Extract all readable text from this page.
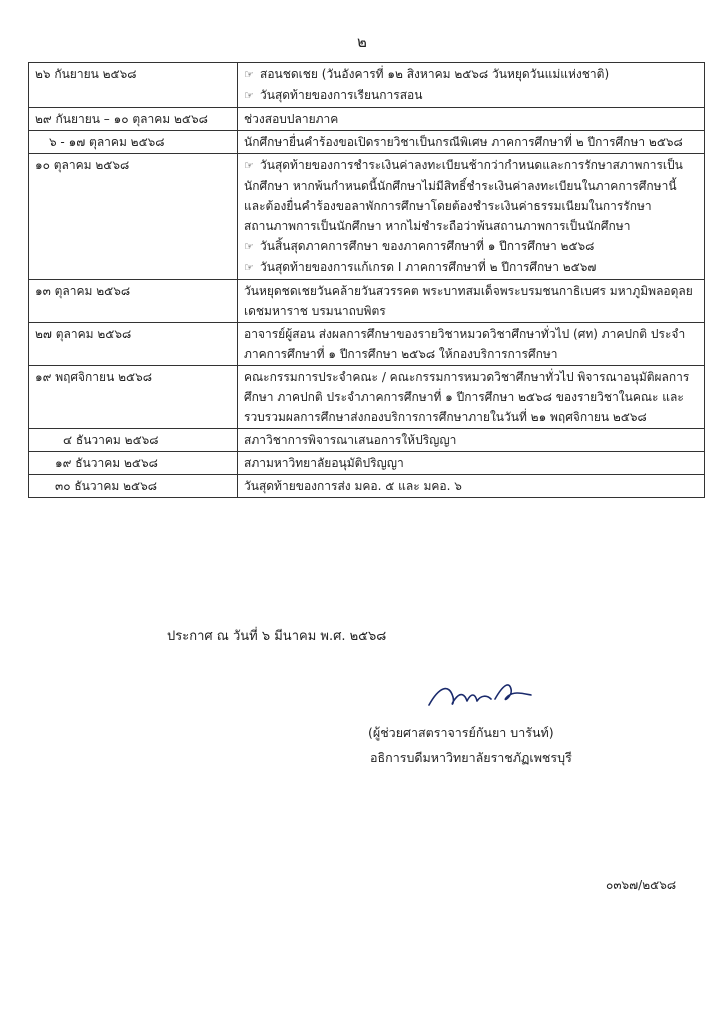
๒
๒๖ กันยายน ๒๕๖๘	☞ สอนชดเชย (วันอังคารที่ ๑๒ สิงหาคม ๒๕๖๘ วันหยุดวันแม่แห่งชาติ)
☞ วันสุดท้ายของการเรียนการสอน

๒๙ กันยายน – ๑๐ ตุลาคม ๒๕๖๘	ช่วงสอบปลายภาค

๖ - ๑๗ ตุลาคม ๒๕๖๘	นักศึกษายื่นคำร้องขอเปิดรายวิชาเป็นกรณีพิเศษ ภาคการศึกษาที่ ๒ ปีการศึกษา ๒๕๖๘

๑๐ ตุลาคม ๒๕๖๘	☞ วันสุดท้ายของการชำระเงินค่าลงทะเบียนช้ากว่ากำหนดและการรักษาสภาพการเป็นนักศึกษา หากพ้นกำหนดนี้นักศึกษาไม่มีสิทธิ์ชำระเงินค่าลงทะเบียนในภาคการศึกษานี้ และต้องยื่นคำร้องขอลาพักการศึกษาโดยต้องชำระเงินค่าธรรมเนียมในการรักษาสถานภาพการเป็นนักศึกษา หากไม่ชำระถือว่าพ้นสถานภาพการเป็นนักศึกษา
☞ วันสิ้นสุดภาคการศึกษา ของภาคการศึกษาที่ ๑ ปีการศึกษา ๒๕๖๘
☞ วันสุดท้ายของการแก้เกรด I ภาคการศึกษาที่ ๒ ปีการศึกษา ๒๕๖๗

๑๓ ตุลาคม ๒๕๖๘	วันหยุดชดเชยวันคล้ายวันสวรรคต พระบาทสมเด็จพระบรมชนกาธิเบศร มหาภูมิพลอดุลยเดชมหาราช บรมนาถบพิตร

๒๗ ตุลาคม ๒๕๖๘	อาจารย์ผู้สอน ส่งผลการศึกษาของรายวิชาหมวดวิชาศึกษาทั่วไป (ศท) ภาคปกติ ประจำภาคการศึกษาที่ ๑ ปีการศึกษา ๒๕๖๘ ให้กองบริการการศึกษา

๑๙ พฤศจิกายน ๒๕๖๘	คณะกรรมการประจำคณะ / คณะกรรมการหมวดวิชาศึกษาทั่วไป พิจารณาอนุมัติผลการศึกษา ภาคปกติ ประจำภาคการศึกษาที่ ๑ ปีการศึกษา ๒๕๖๘ ของรายวิชาในคณะ และรวบรวมผลการศึกษาส่งกองบริการการศึกษาภายในวันที่ ๒๑ พฤศจิกายน ๒๕๖๘

๔ ธันวาคม ๒๕๖๘	สภาวิชาการพิจารณาเสนอการให้ปริญญา

๑๙ ธันวาคม ๒๕๖๘	สภามหาวิทยาลัยอนุมัติปริญญา

๓๐ ธันวาคม ๒๕๖๘	วันสุดท้ายของการส่ง มคอ. ๕ และ มคอ. ๖
ประกาศ ณ วันที่ ๖ มีนาคม พ.ศ. ๒๕๖๘
(ผู้ช่วยศาสตราจารย์กันยา บารันท์)
อธิการบดีมหาวิทยาลัยราชภัฏเพชรบุรี
๐๓๖๗/๒๕๖๘
